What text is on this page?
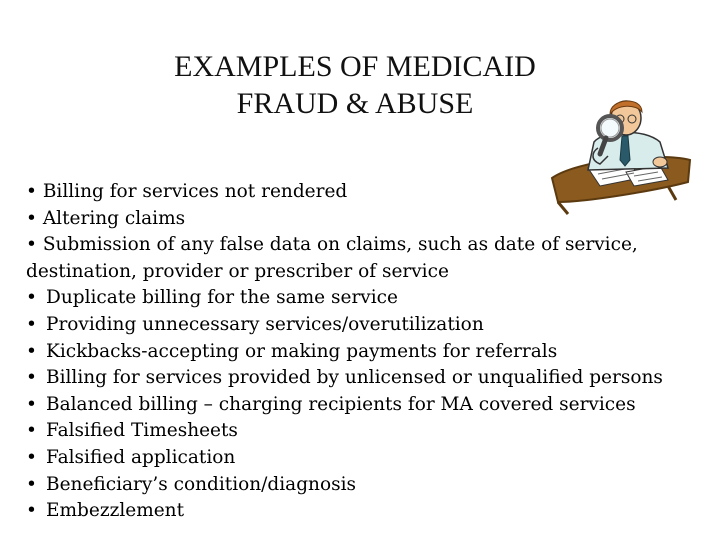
EXAMPLES OF MEDICAID
FRAUD & ABUSE
• Billing for services not rendered
• Altering claims
• Submission of any false data on claims, such as date of service, destination, provider or prescriber of service
• Duplicate billing for the same service
• Providing unnecessary services/overutilization
• Kickbacks-accepting or making payments for referrals
• Billing for services provided by unlicensed or unqualified persons
• Balanced billing – charging recipients for MA covered services
• Falsified Timesheets
• Falsified application
• Beneficiary’s condition/diagnosis
• Embezzlement
